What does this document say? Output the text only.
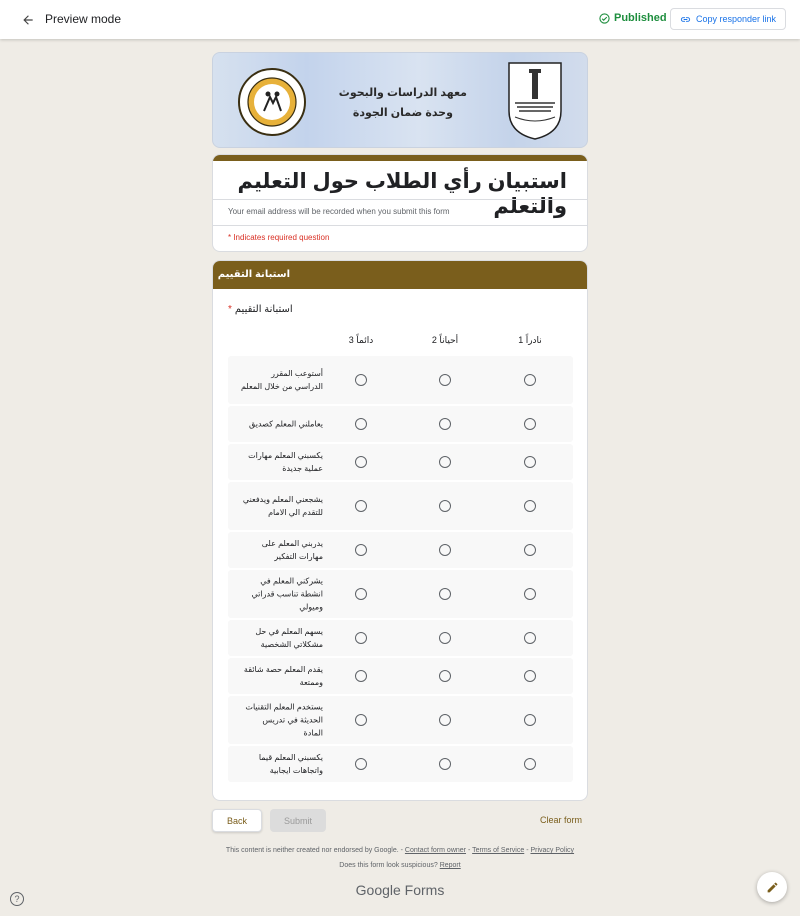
Preview mode	Published	Copy responder link
معهد الدراسات والبحوث
وحدة ضمان الجودة
استبيان رأي الطلاب حول التعليم والتعلم
Your email address will be recorded when you submit this form
* Indicates required question
استبانة التقييم
استبانة التقييم*
دائماً 3	أحياناً 2	نادراً 1
أستوعب المقرر الدراسي من خلال المعلم
يعاملني المعلم كصديق
يكسبني المعلم مهارات عملية جديدة
يشجعني المعلم ويدفعني للتقدم الي الامام
يدربني المعلم على مهارات التفكير
يشركني المعلم في انشطة تناسب قدراتي وميولي
يسهم المعلم في حل مشكلاتي الشخصية
يقدم المعلم حصة شائقة وممتعة
يستخدم المعلم التقنيات الحديثة في تدريس المادة
يكسبني المعلم قيما واتجاهات ايجابية
Back	Submit	Clear form
This content is neither created nor endorsed by Google. - Contact form owner - Terms of Service - Privacy Policy
Does this form look suspicious? Report
Google Forms
?
